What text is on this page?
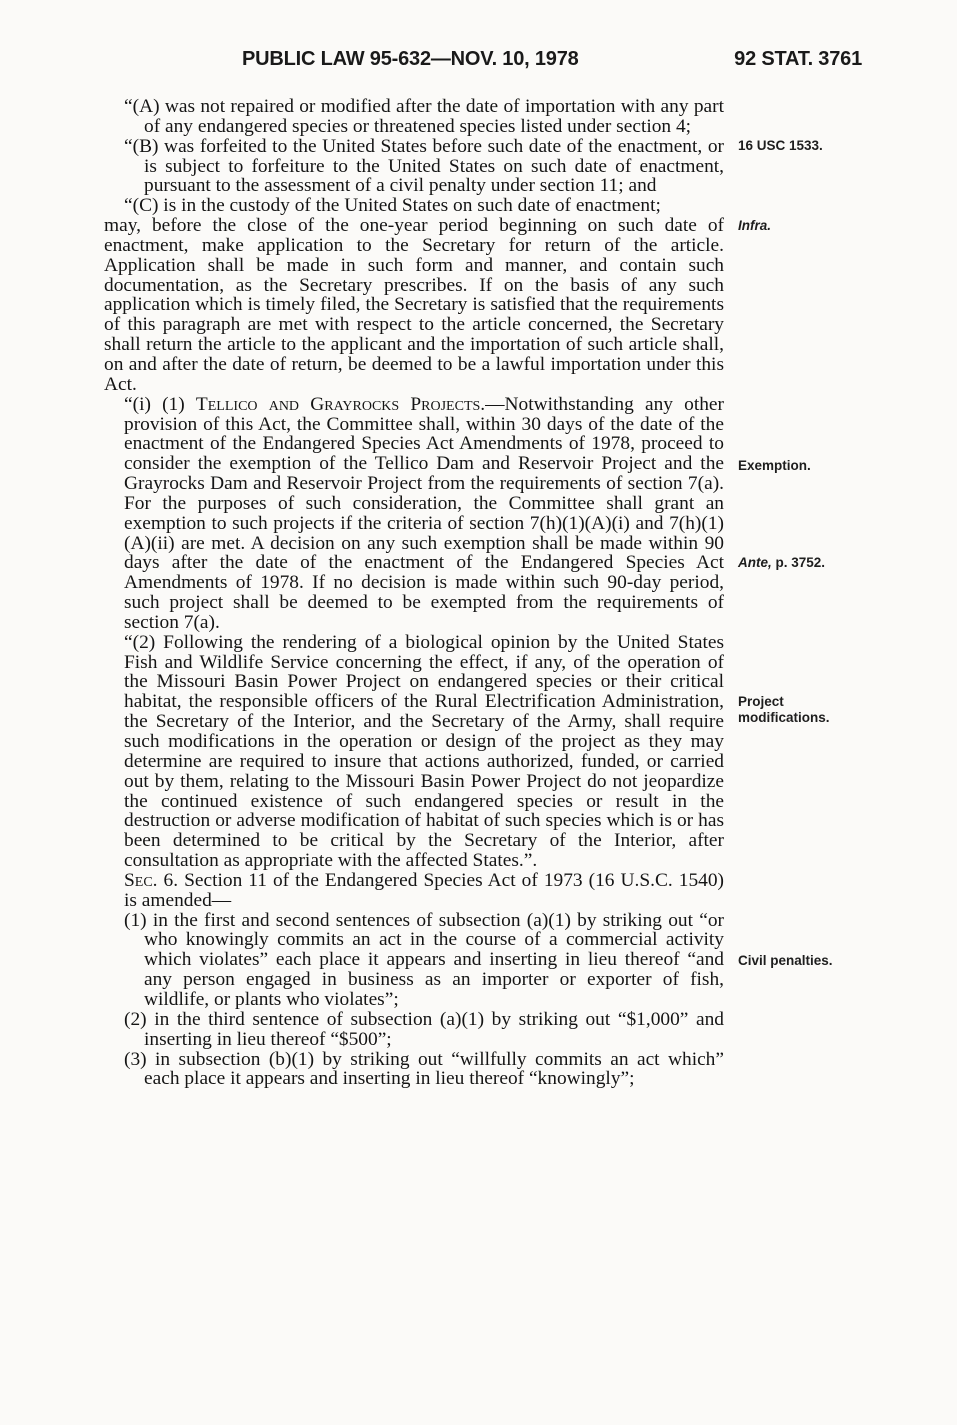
PUBLIC LAW 95-632—NOV. 10, 1978	92 STAT. 3761

“(A) was not repaired or modified after the date of importation with any part of any endangered species or threatened species listed under section 4;

“(B) was forfeited to the United States before such date of the enactment, or is subject to forfeiture to the United States on such date of enactment, pursuant to the assessment of a civil penalty under section 11; and

“(C) is in the custody of the United States on such date of enactment;

may, before the close of the one-year period beginning on such date of enactment, make application to the Secretary for return of the article. Application shall be made in such form and manner, and contain such documentation, as the Secretary prescribes. If on the basis of any such application which is timely filed, the Secretary is satisfied that the requirements of this paragraph are met with respect to the article concerned, the Secretary shall return the article to the applicant and the importation of such article shall, on and after the date of return, be deemed to be a lawful importation under this Act.

“(i) (1) Tellico and Grayrocks Projects.—Notwithstanding any other provision of this Act, the Committee shall, within 30 days of the date of the enactment of the Endangered Species Act Amendments of 1978, proceed to consider the exemption of the Tellico Dam and Reservoir Project and the Grayrocks Dam and Reservoir Project from the requirements of section 7(a). For the purposes of such consideration, the Committee shall grant an exemption to such projects if the criteria of section 7(h)(1)(A)(i) and 7(h)(1)(A)(ii) are met. A decision on any such exemption shall be made within 90 days after the date of the enactment of the Endangered Species Act Amendments of 1978. If no decision is made within such 90-day period, such project shall be deemed to be exempted from the requirements of section 7(a).

“(2) Following the rendering of a biological opinion by the United States Fish and Wildlife Service concerning the effect, if any, of the operation of the Missouri Basin Power Project on endangered species or their critical habitat, the responsible officers of the Rural Electrification Administration, the Secretary of the Interior, and the Secretary of the Army, shall require such modifications in the operation or design of the project as they may determine are required to insure that actions authorized, funded, or carried out by them, relating to the Missouri Basin Power Project do not jeopardize the continued existence of such endangered species or result in the destruction or adverse modification of habitat of such species which is or has been determined to be critical by the Secretary of the Interior, after consultation as appropriate with the affected States.”.

Sec. 6. Section 11 of the Endangered Species Act of 1973 (16 U.S.C. 1540) is amended—

(1) in the first and second sentences of subsection (a)(1) by striking out “or who knowingly commits an act in the course of a commercial activity which violates” each place it appears and inserting in lieu thereof “and any person engaged in business as an importer or exporter of fish, wildlife, or plants who violates”;

(2) in the third sentence of subsection (a)(1) by striking out “$1,000” and inserting in lieu thereof “$500”;

(3) in subsection (b)(1) by striking out “willfully commits an act which” each place it appears and inserting in lieu thereof “knowingly”;

16 USC 1533.
Infra.
Exemption.
Ante, p. 3752.
Project
modifications.
Civil penalties.
